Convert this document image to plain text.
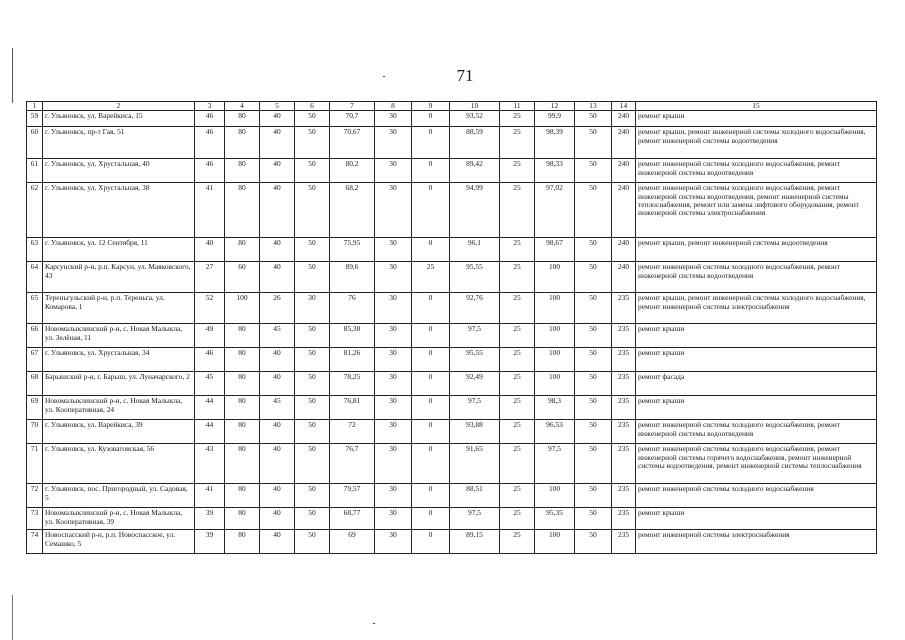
71
1	2	3	4	5	6	7	8	9	10	11	12	13	14	15
59	г. Ульяновск, ул. Варейкиса, 15	46	80	40	50	70,7	30	0	93,52	25	99,9	50	240	ремонт крыши
60	г. Ульяновск, пр-т Гая, 51	46	80	40	50	70,67	30	0	88,59	25	98,39	50	240	ремонт крыши, ремонт инженерной системы холодного водоснабжения, ремонт инженерной системы водоотведения
61	г. Ульяновск, ул. Хрустальная, 40	46	80	40	50	80,2	30	0	89,42	25	98,33	50	240	ремонт инженерной системы холодного водоснабжения, ремонт инженерной системы водоотведения
62	г. Ульяновск, ул. Хрустальная, 38	41	80	40	50	68,2	30	0	94,99	25	97,02	50	240	ремонт инженерной системы холодного водоснабжения, ремонт инженерной системы водоотведения, ремонт инженерной системы теплоснабжения, ремонт или замена лифтового оборудования, ремонт инженерной системы электроснабжения
63	г. Ульяновск, ул. 12 Сентября, 11	40	80	40	50	75,95	30	0	96,1	25	98,67	50	240	ремонт крыши, ремонт инженерной системы водоотведения
64	Карсунский р-н, р.п. Карсун, ул. Маяковского, 43	27	60	40	50	89,6	30	25	95,55	25	100	50	240	ремонт инженерной системы холодного водоснабжения, ремонт инженерной системы водоотведения
65	Тереньгульский р-н, р.п. Тереньга, ул. Комарова, 1	52	100	26	30	76	30	0	92,76	25	100	50	235	ремонт крыши, ремонт инженерной системы холодного водоснабжения, ремонт инженерной системы электроснабжения
66	Новомалыклинский р-н, с. Новая Малыкла, ул. Зелёная, 11	49	80	45	50	85,38	30	0	97,5	25	100	50	235	ремонт крыши
67	г. Ульяновск, ул. Хрустальная, 34	46	80	40	50	81,26	30	0	95,55	25	100	50	235	ремонт крыши
68	Барышский р-н, г. Барыш, ул. Луначарского, 2	45	80	40	50	78,25	30	0	92,49	25	100	50	235	ремонт фасада
69	Новомалыклинский р-н, с. Новая Малыкла, ул. Кооперативная, 24	44	80	45	50	76,81	30	0	97,5	25	98,3	50	235	ремонт крыши
70	г. Ульяновск, ул. Варейкиса, 39	44	80	40	50	72	30	0	93,88	25	96,53	50	235	ремонт инженерной системы холодного водоснабжения, ремонт инженерной системы водоотведения
71	г. Ульяновск, ул. Кузоватовская, 56	43	80	40	50	76,7	30	0	91,65	25	97,5	50	235	ремонт инженерной системы холодного водоснабжения, ремонт инженерной системы горячего водоснабжения, ремонт инженерной системы водоотведения, ремонт инженерной системы теплоснабжения
72	г. Ульяновск, пос. Пригородный, ул. Садовая, 5	41	80	40	50	79,57	30	0	88,51	25	100	50	235	ремонт инженерной системы холодного водоснабжения
73	Новомалыклинский р-н, с. Новая Малыкла, ул. Кооперативная, 39	39	80	40	50	68,77	30	0	97,5	25	95,35	50	235	ремонт крыши
74	Новоспасский р-н, р.п. Новоспасское, ул. Семашко, 5	39	80	40	50	69	30	0	89,15	25	100	50	235	ремонт инженерной системы электроснабжения
